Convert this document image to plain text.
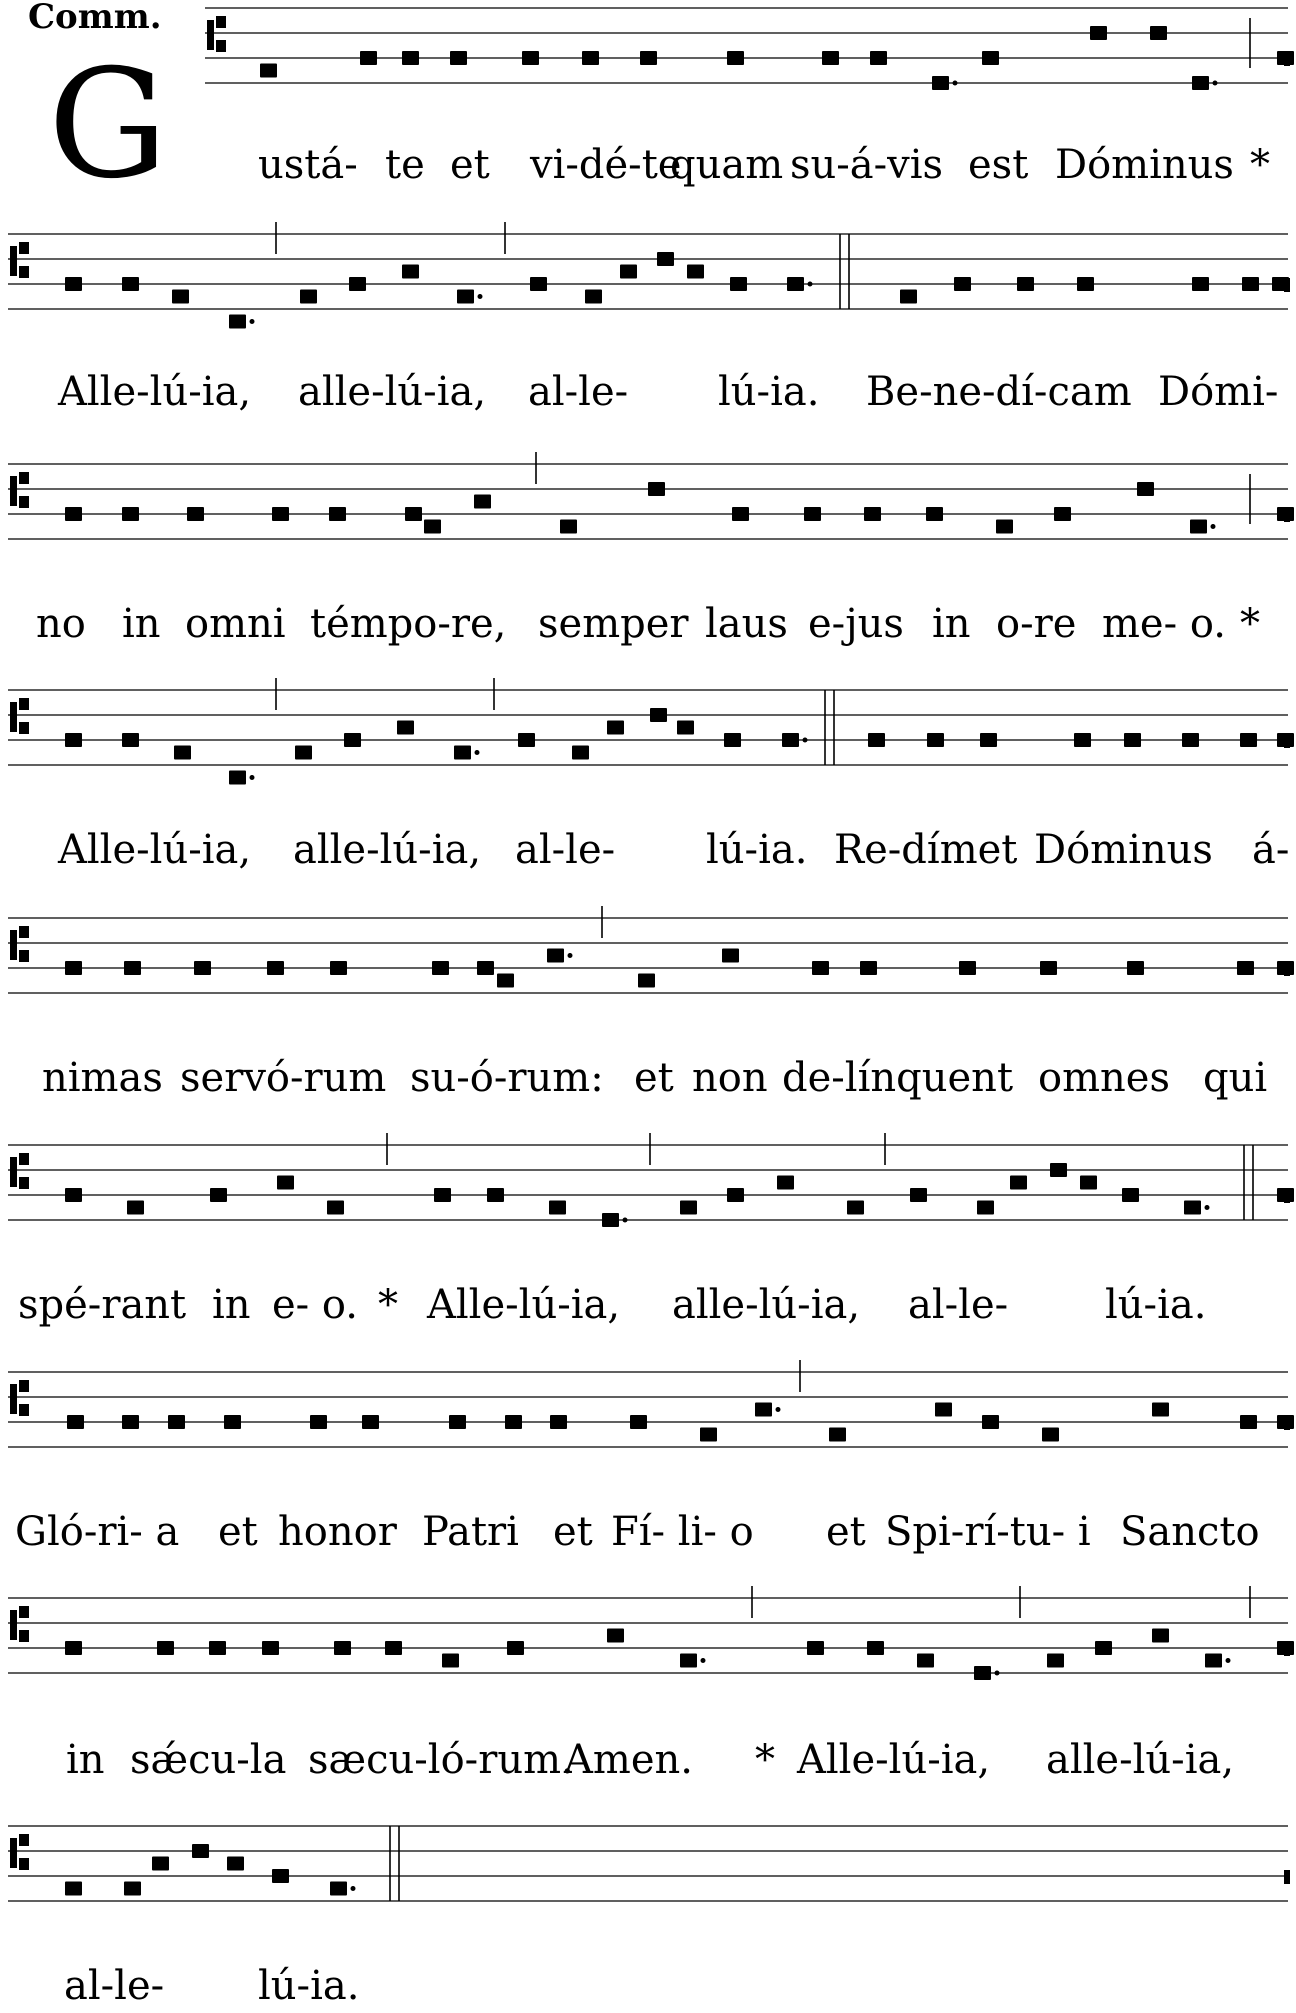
Comm.
G ustá- te et vi-dé-te
quam su-á-vis est Dóminus *
Alle-lú-ia, alle-lú-ia, al-le- lú-ia. Be-ne-dí-cam Dómi-
no in omni témpo-re, semper laus e-jus in o-re me- o. *
Alle-lú-ia, alle-lú-ia, al-le- lú-ia. Re-dímet Dóminus á-
nimas servó-rum su-ó-rum: et non de-línquent omnes qui
spé-rant in e- o. * Alle-lú-ia, alle-lú-ia, al-le- lú-ia.
Gló-ri- a et honor Patri et Fí- li- o et Spi-rí-tu- i Sancto
in sǽcu-la sæcu-ló-rum.
Amen. * Alle-lú-ia, alle-lú-ia,
al-le- lú-ia.
